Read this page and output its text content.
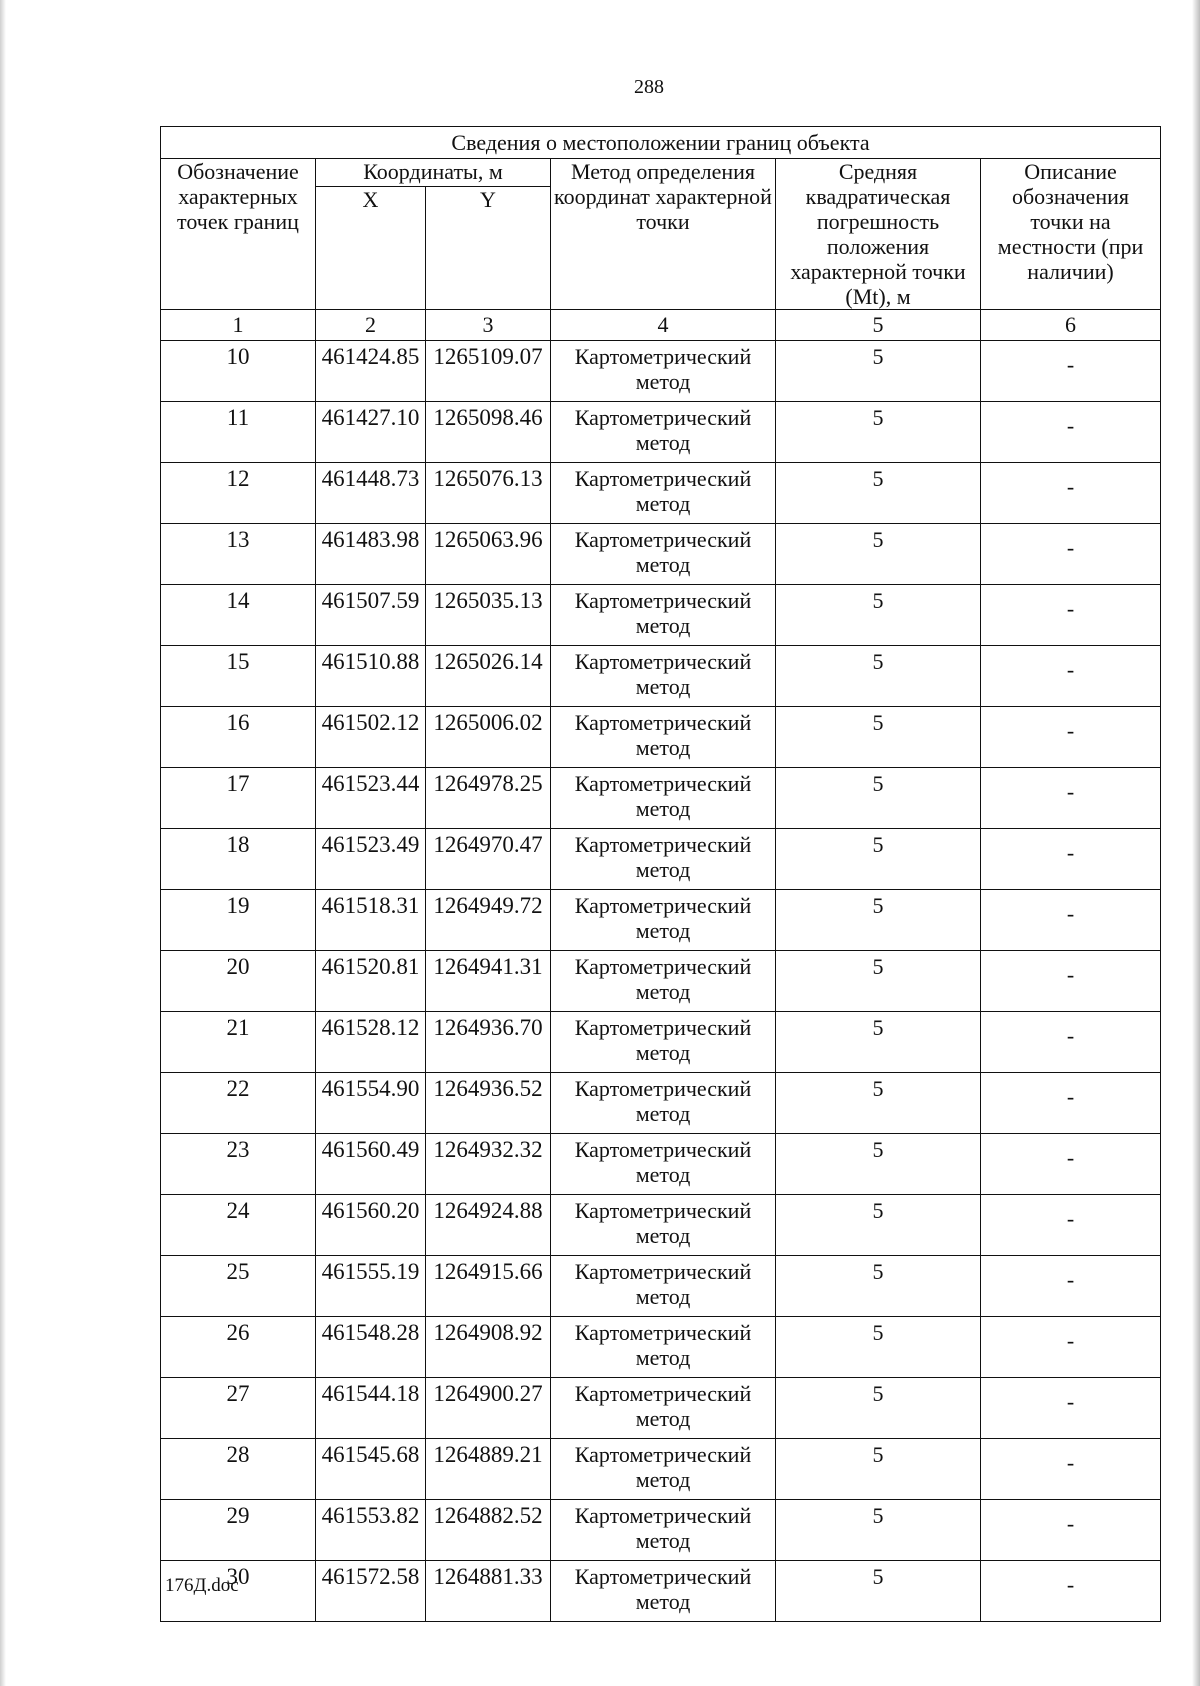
288
Сведения о местоположении границ объекта					
Обозначение характерных точек границ	Координаты, м		Метод определения координат характерной точки	Средняя квадратическая погрешность положения характерной точки (Mt), м	Описание обозначения точки на местности (при наличии)
	X	Y			
1	2	3	4	5	6
10	461424.85	1265109.07	Картометрический метод	5	-
11	461427.10	1265098.46	Картометрический метод	5	-
12	461448.73	1265076.13	Картометрический метод	5	-
13	461483.98	1265063.96	Картометрический метод	5	-
14	461507.59	1265035.13	Картометрический метод	5	-
15	461510.88	1265026.14	Картометрический метод	5	-
16	461502.12	1265006.02	Картометрический метод	5	-
17	461523.44	1264978.25	Картометрический метод	5	-
18	461523.49	1264970.47	Картометрический метод	5	-
19	461518.31	1264949.72	Картометрический метод	5	-
20	461520.81	1264941.31	Картометрический метод	5	-
21	461528.12	1264936.70	Картометрический метод	5	-
22	461554.90	1264936.52	Картометрический метод	5	-
23	461560.49	1264932.32	Картометрический метод	5	-
24	461560.20	1264924.88	Картометрический метод	5	-
25	461555.19	1264915.66	Картометрический метод	5	-
26	461548.28	1264908.92	Картометрический метод	5	-
27	461544.18	1264900.27	Картометрический метод	5	-
28	461545.68	1264889.21	Картометрический метод	5	-
29	461553.82	1264882.52	Картометрический метод	5	-
30	461572.58	1264881.33	Картометрический метод	5	-
176Д.doc
